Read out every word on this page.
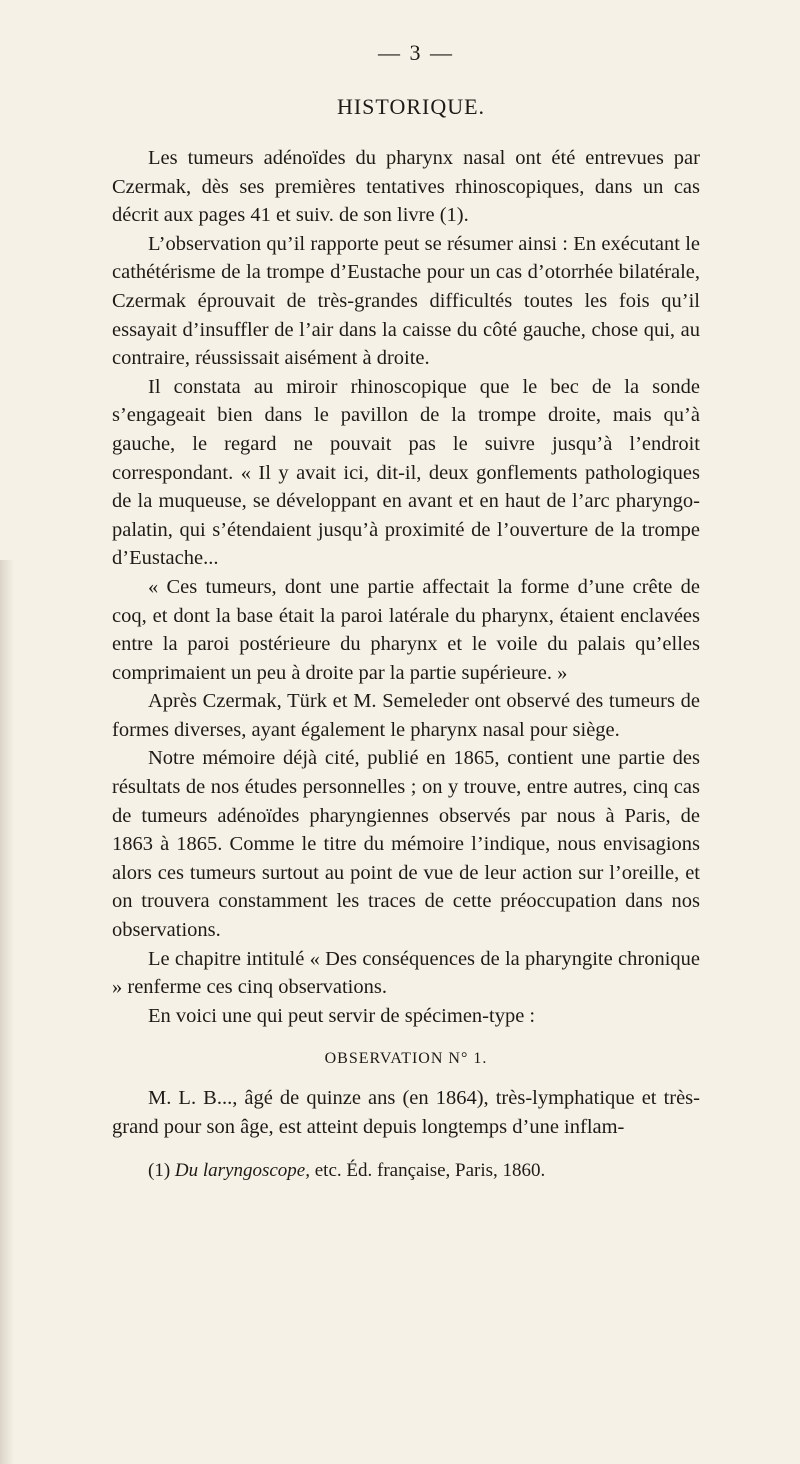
— 3 —
HISTORIQUE.

Les tumeurs adénoïdes du pharynx nasal ont été entrevues par Czermak, dès ses premières tentatives rhinoscopiques, dans un cas décrit aux pages 41 et suiv. de son livre (1).

L’observation qu’il rapporte peut se résumer ainsi : En exécutant le cathétérisme de la trompe d’Eustache pour un cas d’otorrhée bilatérale, Czermak éprouvait de très-grandes difficultés toutes les fois qu’il essayait d’insuffler de l’air dans la caisse du côté gauche, chose qui, au contraire, réussissait aisément à droite.

Il constata au miroir rhinoscopique que le bec de la sonde s’engageait bien dans le pavillon de la trompe droite, mais qu’à gauche, le regard ne pouvait pas le suivre jusqu’à l’endroit correspondant. « Il y avait ici, dit-il, deux gonflements pathologiques de la muqueuse, se développant en avant et en haut de l’arc pharyngo-palatin, qui s’étendaient jusqu’à proximité de l’ouverture de la trompe d’Eustache...

« Ces tumeurs, dont une partie affectait la forme d’une crête de coq, et dont la base était la paroi latérale du pharynx, étaient enclavées entre la paroi postérieure du pharynx et le voile du palais qu’elles comprimaient un peu à droite par la partie supérieure. »

Après Czermak, Türk et M. Semeleder ont observé des tumeurs de formes diverses, ayant également le pharynx nasal pour siège.

Notre mémoire déjà cité, publié en 1865, contient une partie des résultats de nos études personnelles ; on y trouve, entre autres, cinq cas de tumeurs adénoïdes pharyngiennes observés par nous à Paris, de 1863 à 1865. Comme le titre du mémoire l’indique, nous envisagions alors ces tumeurs surtout au point de vue de leur action sur l’oreille, et on trouvera constamment les traces de cette préoccupation dans nos observations.

Le chapitre intitulé « Des conséquences de la pharyngite chronique » renferme ces cinq observations.

En voici une qui peut servir de spécimen-type :

OBSERVATION N° 1.

M. L. B..., âgé de quinze ans (en 1864), très-lymphatique et très-grand pour son âge, est atteint depuis longtemps d’une inflam-

(1) Du laryngoscope, etc. Éd. française, Paris, 1860.
